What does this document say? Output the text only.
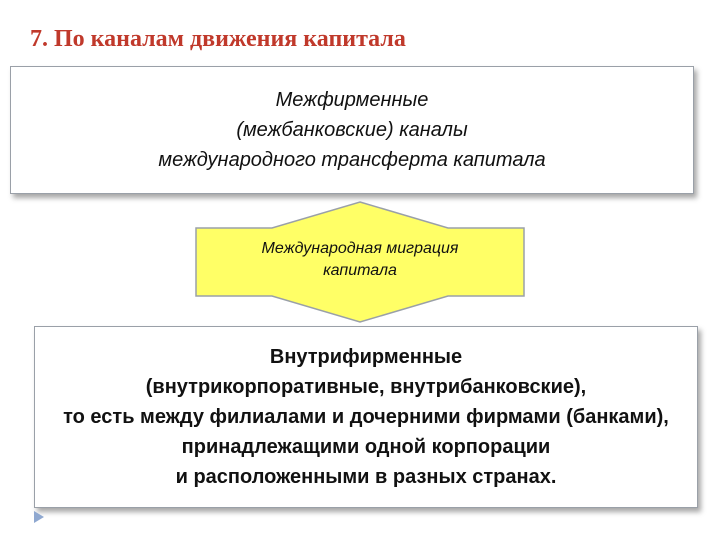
7. По каналам движения капитала
Межфирменные
(межбанковские) каналы
международного трансферта капитала
Международная миграция
капитала
Внутрифирменные
(внутрикорпоративные, внутрибанковские),
то есть между филиалами и дочерними фирмами (банками),
принадлежащими одной корпорации
и расположенными в разных странах.
